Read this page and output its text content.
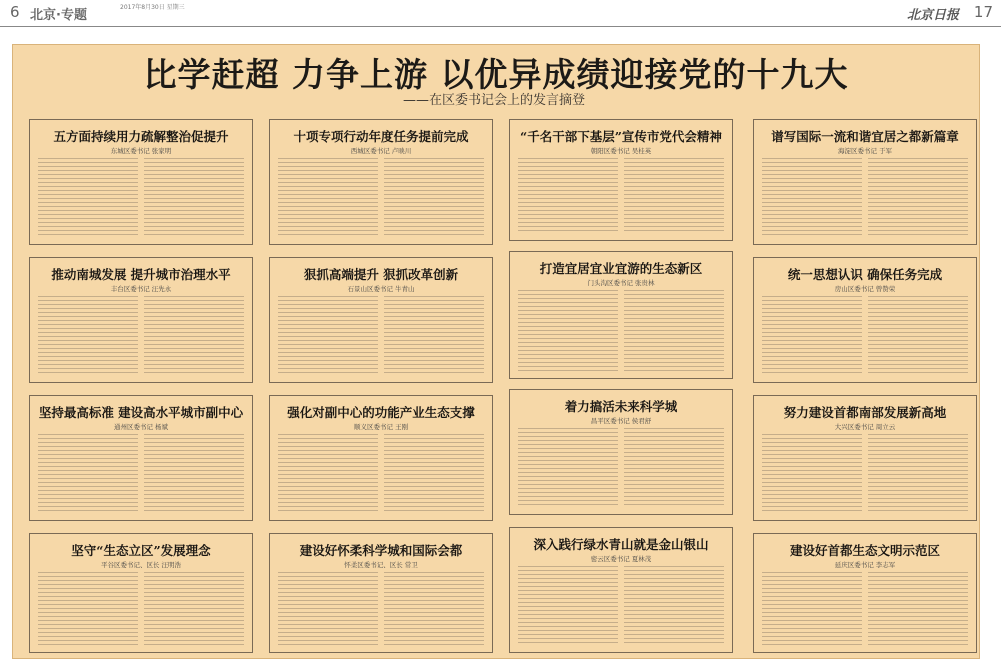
6 北京·专题
2017年8月30日 星期三
北京日报 17
比学赶超 力争上游 以优异成绩迎接党的十九大
——在区委书记会上的发言摘登
五方面持续用力疏解整治促提升
东城区委书记 张家明
十项专项行动年度任务提前完成
西城区委书记 卢映川
“千名干部下基层”宣传市党代会精神
朝阳区委书记 吴桂英
谱写国际一流和谐宜居之都新篇章
海淀区委书记 于军
推动南城发展 提升城市治理水平
丰台区委书记 汪先永
狠抓高端提升 狠抓改革创新
石景山区委书记 牛青山
打造宜居宜业宜游的生态新区
门头沟区委书记 张贵林
统一思想认识 确保任务完成
房山区委书记 曾赞荣
坚持最高标准 建设高水平城市副中心
通州区委书记 杨斌
强化对副中心的功能产业生态支撑
顺义区委书记 王刚
着力搞活未来科学城
昌平区委书记 侯君舒
努力建设首都南部发展新高地
大兴区委书记 周立云
坚守“生态立区”发展理念
平谷区委书记、区长 汪明浩
建设好怀柔科学城和国际会都
怀柔区委书记、区长 常卫
深入践行绿水青山就是金山银山
密云区委书记 夏林茂
建设好首都生态文明示范区
延庆区委书记 李志军
